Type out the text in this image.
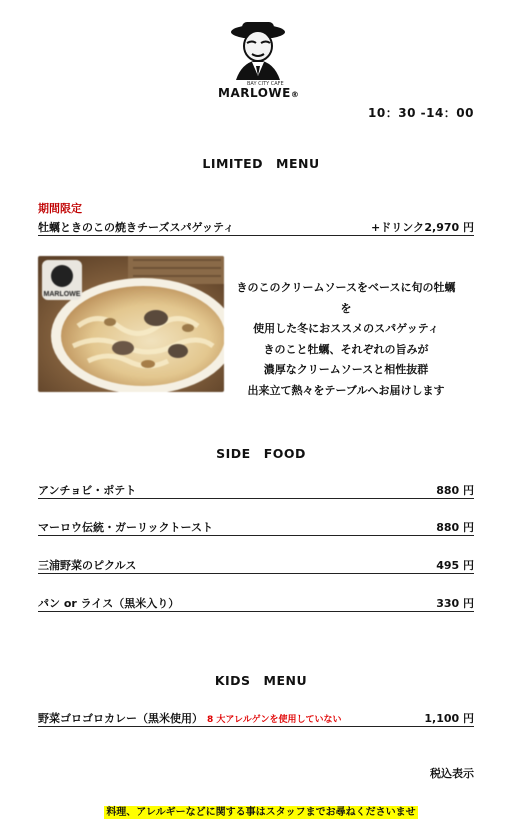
BAY CITY CAFE
MARLOWE®
10：30 -14：00
LIMITED　MENU
期間限定
牡蠣ときのこの焼きチーズスパゲッティ	+ドリンク 2,970 円
MARLOWE
きのこのクリームソースをベースに旬の牡蠣を
使用した冬におススメのスパゲッティ
きのこと牡蠣、それぞれの旨みが
濃厚なクリームソースと相性抜群
出来立て熱々をテーブルへお届けします
SIDE　FOOD
アンチョビ・ポテト	880 円
マーロウ伝統・ガーリックトースト	880 円
三浦野菜のピクルス	495 円
パン or ライス（黒米入り）	330 円
KIDS　MENU
野菜ゴロゴロカレー（黒米使用） 8 大アレルゲンを使用していない	1,100 円
税込表示
料理、アレルギーなどに関する事はスタッフまでお尋ねくださいませ
